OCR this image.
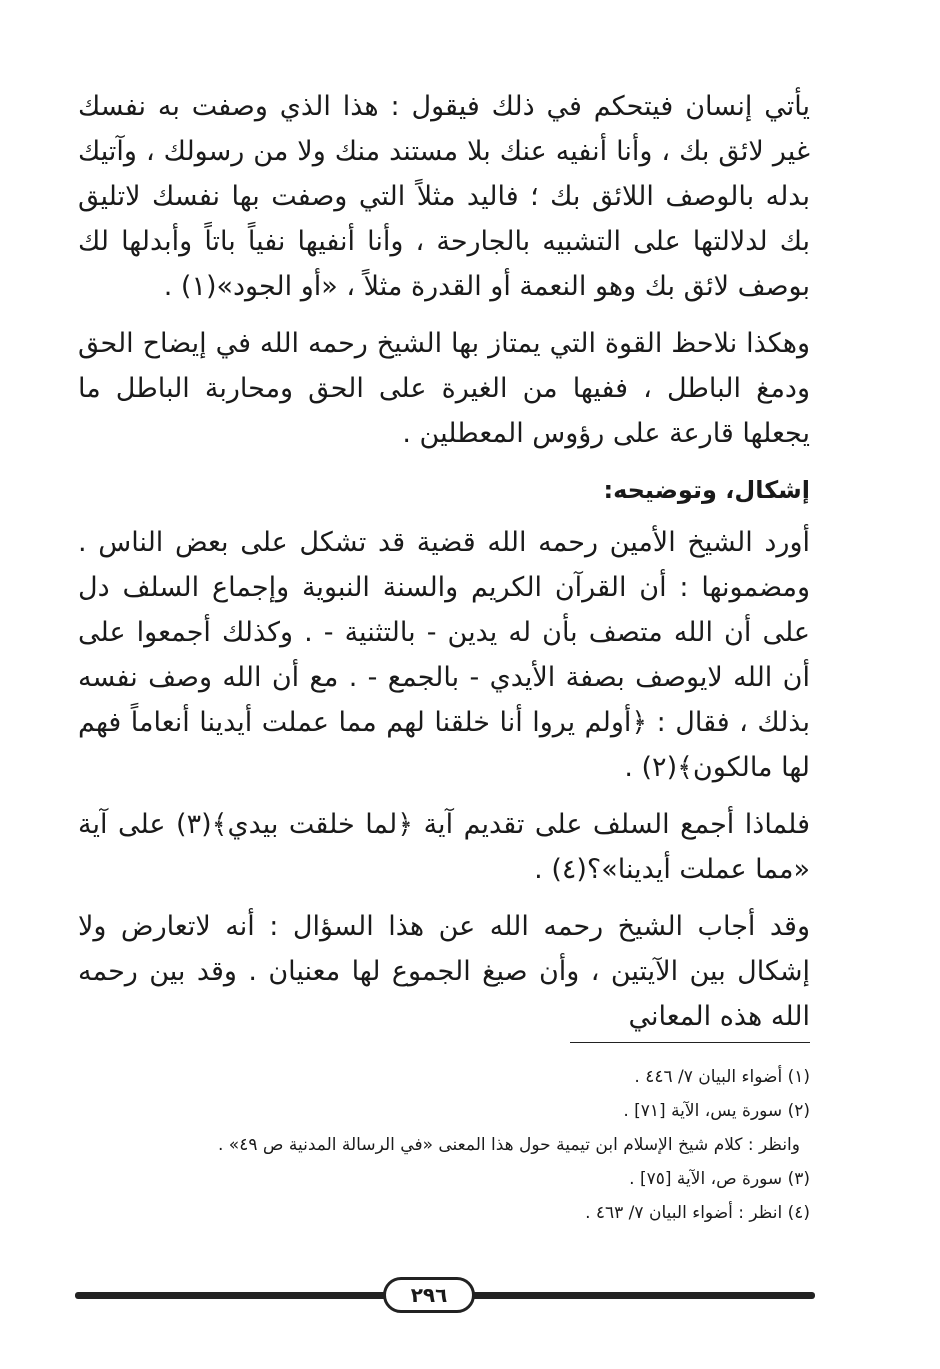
يأتي إنسان فيتحكم في ذلك فيقول : هذا الذي وصفت به نفسك غير لائق بك ، وأنا أنفيه عنك بلا مستند منك ولا من رسولك ، وآتيك بدله بالوصف اللائق بك ؛ فاليد مثلاً التي وصفت بها نفسك لاتليق بك لدلالتها على التشبيه بالجارحة ، وأنا أنفيها نفياً باتاً وأبدلها لك بوصف لائق بك وهو النعمة أو القدرة مثلاً ، «أو الجود»(١) .

وهكذا نلاحظ القوة التي يمتاز بها الشيخ رحمه الله في إيضاح الحق ودمغ الباطل ، ففيها من الغيرة على الحق ومحاربة الباطل ما يجعلها قارعة على رؤوس المعطلين .

إشكال، وتوضيحه:

أورد الشيخ الأمين رحمه الله قضية قد تشكل على بعض الناس . ومضمونها : أن القرآن الكريم والسنة النبوية وإجماع السلف دل على أن الله متصف بأن له يدين - بالتثنية - . وكذلك أجمعوا على أن الله لايوصف بصفة الأيدي - بالجمع - . مع أن الله وصف نفسه بذلك ، فقال : ﴿أولم يروا أنا خلقنا لهم مما عملت أيدينا أنعاماً فهم لها مالكون﴾(٢) .

فلماذا أجمع السلف على تقديم آية ﴿لما خلقت بيدي﴾(٣) على آية «مما عملت أيدينا»؟(٤) .

وقد أجاب الشيخ رحمه الله عن هذا السؤال : أنه لاتعارض ولا إشكال بين الآيتين ، وأن صيغ الجموع لها معنيان . وقد بين رحمه الله هذه المعاني

(١) أضواء البيان ٧/ ٤٤٦ .

(٢) سورة يس، الآية [٧١] .

وانظر : كلام شيخ الإسلام ابن تيمية حول هذا المعنى «في الرسالة المدنية ص ٤٩» .

(٣) سورة ص، الآية [٧٥] .

(٤) انظر : أضواء البيان ٧/ ٤٦٣ .

٢٩٦
